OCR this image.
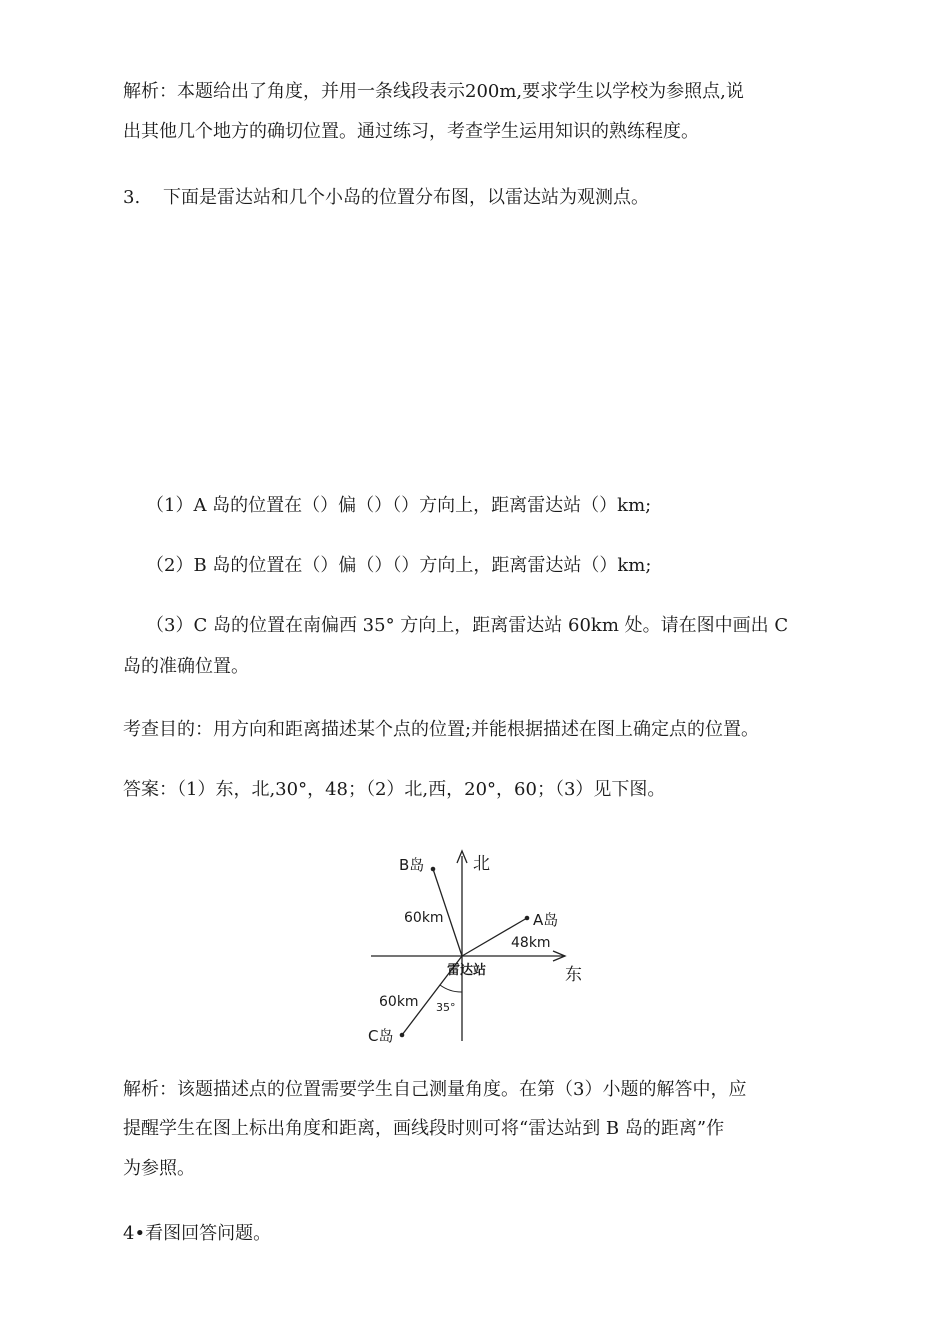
解析：本题给出了角度，并用一条线段表示200m,要求学生以学校为参照点,说
出其他几个地方的确切位置。通过练习，考查学生运用知识的熟练程度。
3. 下面是雷达站和几个小岛的位置分布图，以雷达站为观测点。
（1）A 岛的位置在（）偏（）（）方向上，距离雷达站（）km;
（2）B 岛的位置在（）偏（）（）方向上，距离雷达站（）km;
（3）C 岛的位置在南偏西 35° 方向上，距离雷达站 60km 处。请在图中画出 C
岛的准确位置。
考查目的：用方向和距离描述某个点的位置;并能根据描述在图上确定点的位置。
答案：（1）东，北,30°，48；（2）北,西，20°，60；（3）见下图。
北
东
雷达站
A岛
48km
B岛
60km
C岛
60km 35°
解析：该题描述点的位置需要学生自己测量角度。在第（3）小题的解答中，应
提醒学生在图上标出角度和距离，画线段时则可将“雷达站到 B 岛的距离”作
为参照。
4•看图回答问题。
